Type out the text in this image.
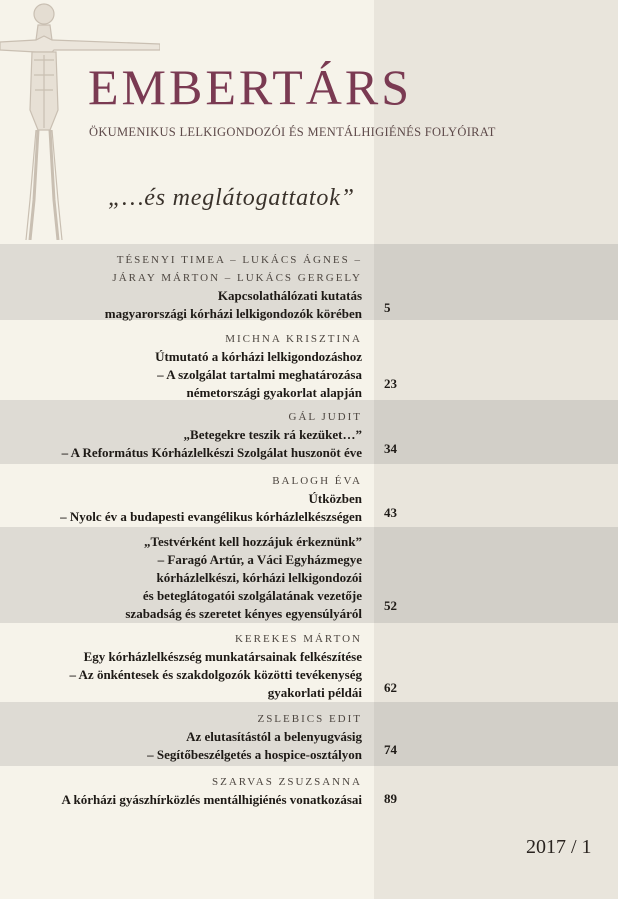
EMBERTÁRS
ÖKUMENIKUS LELKIGONDOZÓI ÉS MENTÁLHIGIÉNÉS FOLYÓIRAT
„…és meglátogattatok”
TÉSENYI TIMEA – LUKÁCS ÁGNES –
JÁRAY MÁRTON – LUKÁCS GERGELY
Kapcsolathálózati kutatás
magyarországi kórházi lelkigondozók körében	5
MICHNA KRISZTINA
Útmutató a kórházi lelkigondozáshoz
– A szolgálat tartalmi meghatározása
németországi gyakorlat alapján
23
GÁL JUDIT
„Betegekre teszik rá kezüket…”
– A Református Kórházlelkészi Szolgálat huszonöt éve	34
BALOGH ÉVA
Útközben
– Nyolc év a budapesti evangélikus kórházlelkészségen	43
„Testvérként kell hozzájuk érkeznünk”
– Faragó Artúr, a Váci Egyházmegye
kórházlelkészi, kórházi lelkigondozói
és beteglátogatói szolgálatának vezetője
szabadság és szeretet kényes egyensúlyáról
52
KEREKES MÁRTON
Egy kórházlelkészség munkatársainak felkészítése
– Az önkéntesek és szakdolgozók közötti tevékenység
gyakorlati példái	62
ZSLEBICS EDIT
Az elutasítástól a belenyugvásig
– Segítőbeszélgetés a hospice-osztályon	74
SZARVAS ZSUZSANNA
A kórházi gyászhírközlés mentálhigiénés vonatkozásai	89
2017 / 1
